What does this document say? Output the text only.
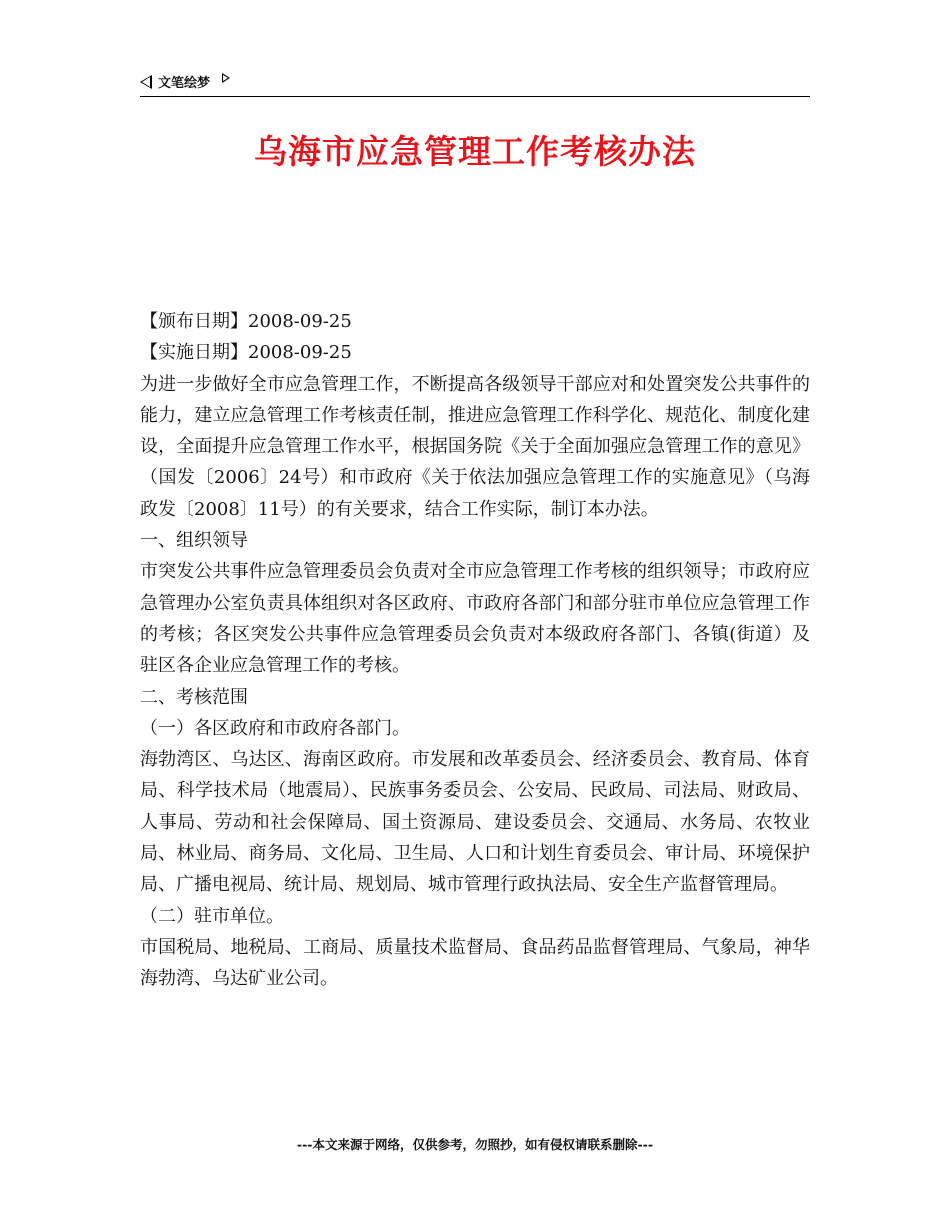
文笔绘梦
乌海市应急管理工作考核办法

【颁布日期】2008-09-25

【实施日期】2008-09-25

为进一步做好全市应急管理工作，不断提高各级领导干部应对和处置突发公共事件的能力，建立应急管理工作考核责任制，推进应急管理工作科学化、规范化、制度化建设，全面提升应急管理工作水平，根据国务院《关于全面加强应急管理工作的意见》（国发〔2006〕24号）和市政府《关于依法加强应急管理工作的实施意见》（乌海政发〔2008〕11号）的有关要求，结合工作实际，制订本办法。

一、组织领导

市突发公共事件应急管理委员会负责对全市应急管理工作考核的组织领导；市政府应急管理办公室负责具体组织对各区政府、市政府各部门和部分驻市单位应急管理工作的考核；各区突发公共事件应急管理委员会负责对本级政府各部门、各镇(街道）及驻区各企业应急管理工作的考核。

二、考核范围

（一）各区政府和市政府各部门。

海勃湾区、乌达区、海南区政府。市发展和改革委员会、经济委员会、教育局、体育局、科学技术局（地震局）、民族事务委员会、公安局、民政局、司法局、财政局、人事局、劳动和社会保障局、国土资源局、建设委员会、交通局、水务局、农牧业局、林业局、商务局、文化局、卫生局、人口和计划生育委员会、审计局、环境保护局、广播电视局、统计局、规划局、城市管理行政执法局、安全生产监督管理局。

（二）驻市单位。

市国税局、地税局、工商局、质量技术监督局、食品药品监督管理局、气象局，神华海勃湾、乌达矿业公司。

---本文来源于网络，仅供参考，勿照抄，如有侵权请联系删除---
